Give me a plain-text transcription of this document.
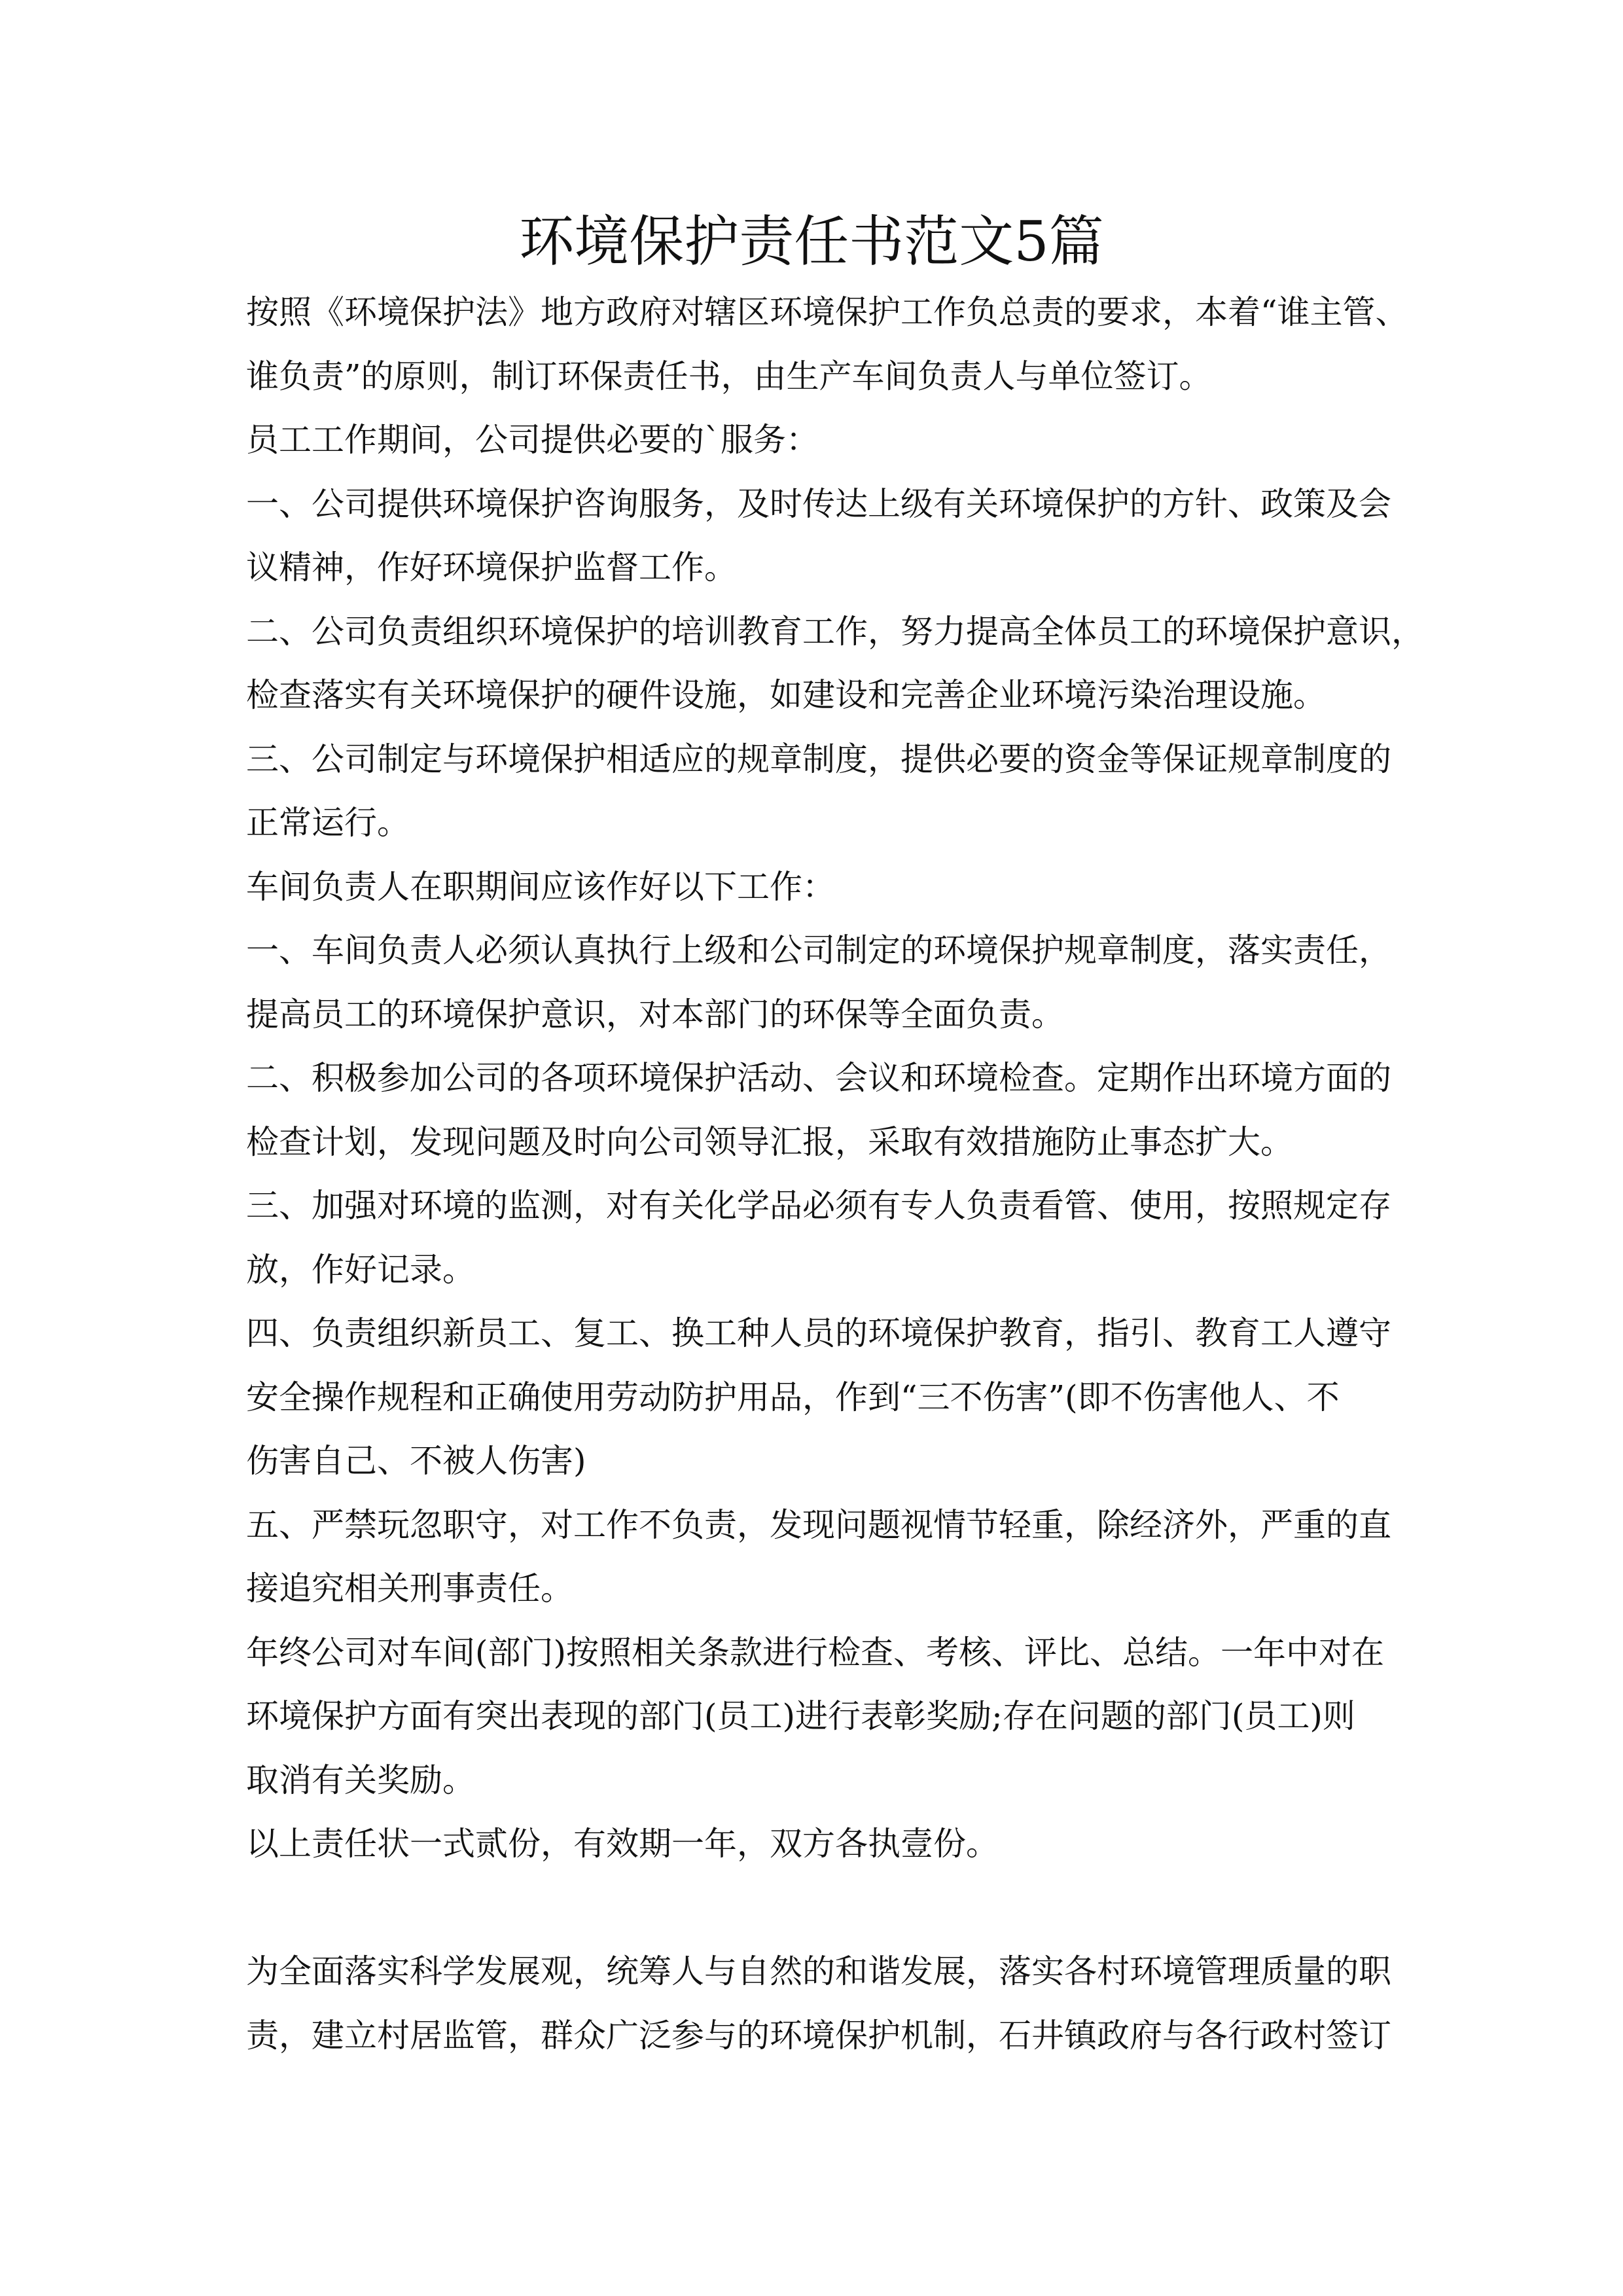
环境保护责任书范文5篇
按照《环境保护法》地方政府对辖区环境保护工作负总责的要求，本着“谁主管、
谁负责”的原则，制订环保责任书，由生产车间负责人与单位签订。
员工工作期间，公司提供必要的`服务：
一、公司提供环境保护咨询服务，及时传达上级有关环境保护的方针、政策及会
议精神，作好环境保护监督工作。
二、公司负责组织环境保护的培训教育工作，努力提高全体员工的环境保护意识，
检查落实有关环境保护的硬件设施，如建设和完善企业环境污染治理设施。
三、公司制定与环境保护相适应的规章制度，提供必要的资金等保证规章制度的
正常运行。
车间负责人在职期间应该作好以下工作：
一、车间负责人必须认真执行上级和公司制定的环境保护规章制度，落实责任，
提高员工的环境保护意识，对本部门的环保等全面负责。
二、积极参加公司的各项环境保护活动、会议和环境检查。定期作出环境方面的
检查计划，发现问题及时向公司领导汇报，采取有效措施防止事态扩大。
三、加强对环境的监测，对有关化学品必须有专人负责看管、使用，按照规定存
放，作好记录。
四、负责组织新员工、复工、换工种人员的环境保护教育，指引、教育工人遵守
安全操作规程和正确使用劳动防护用品，作到“三不伤害”(即不伤害他人、不
伤害自己、不被人伤害)
五、严禁玩忽职守，对工作不负责，发现问题视情节轻重，除经济外，严重的直
接追究相关刑事责任。
年终公司对车间(部门)按照相关条款进行检查、考核、评比、总结。一年中对在
环境保护方面有突出表现的部门(员工)进行表彰奖励;存在问题的部门(员工)则
取消有关奖励。
以上责任状一式贰份，有效期一年，双方各执壹份。
为全面落实科学发展观，统筹人与自然的和谐发展，落实各村环境管理质量的职
责，建立村居监管，群众广泛参与的环境保护机制，石井镇政府与各行政村签订
